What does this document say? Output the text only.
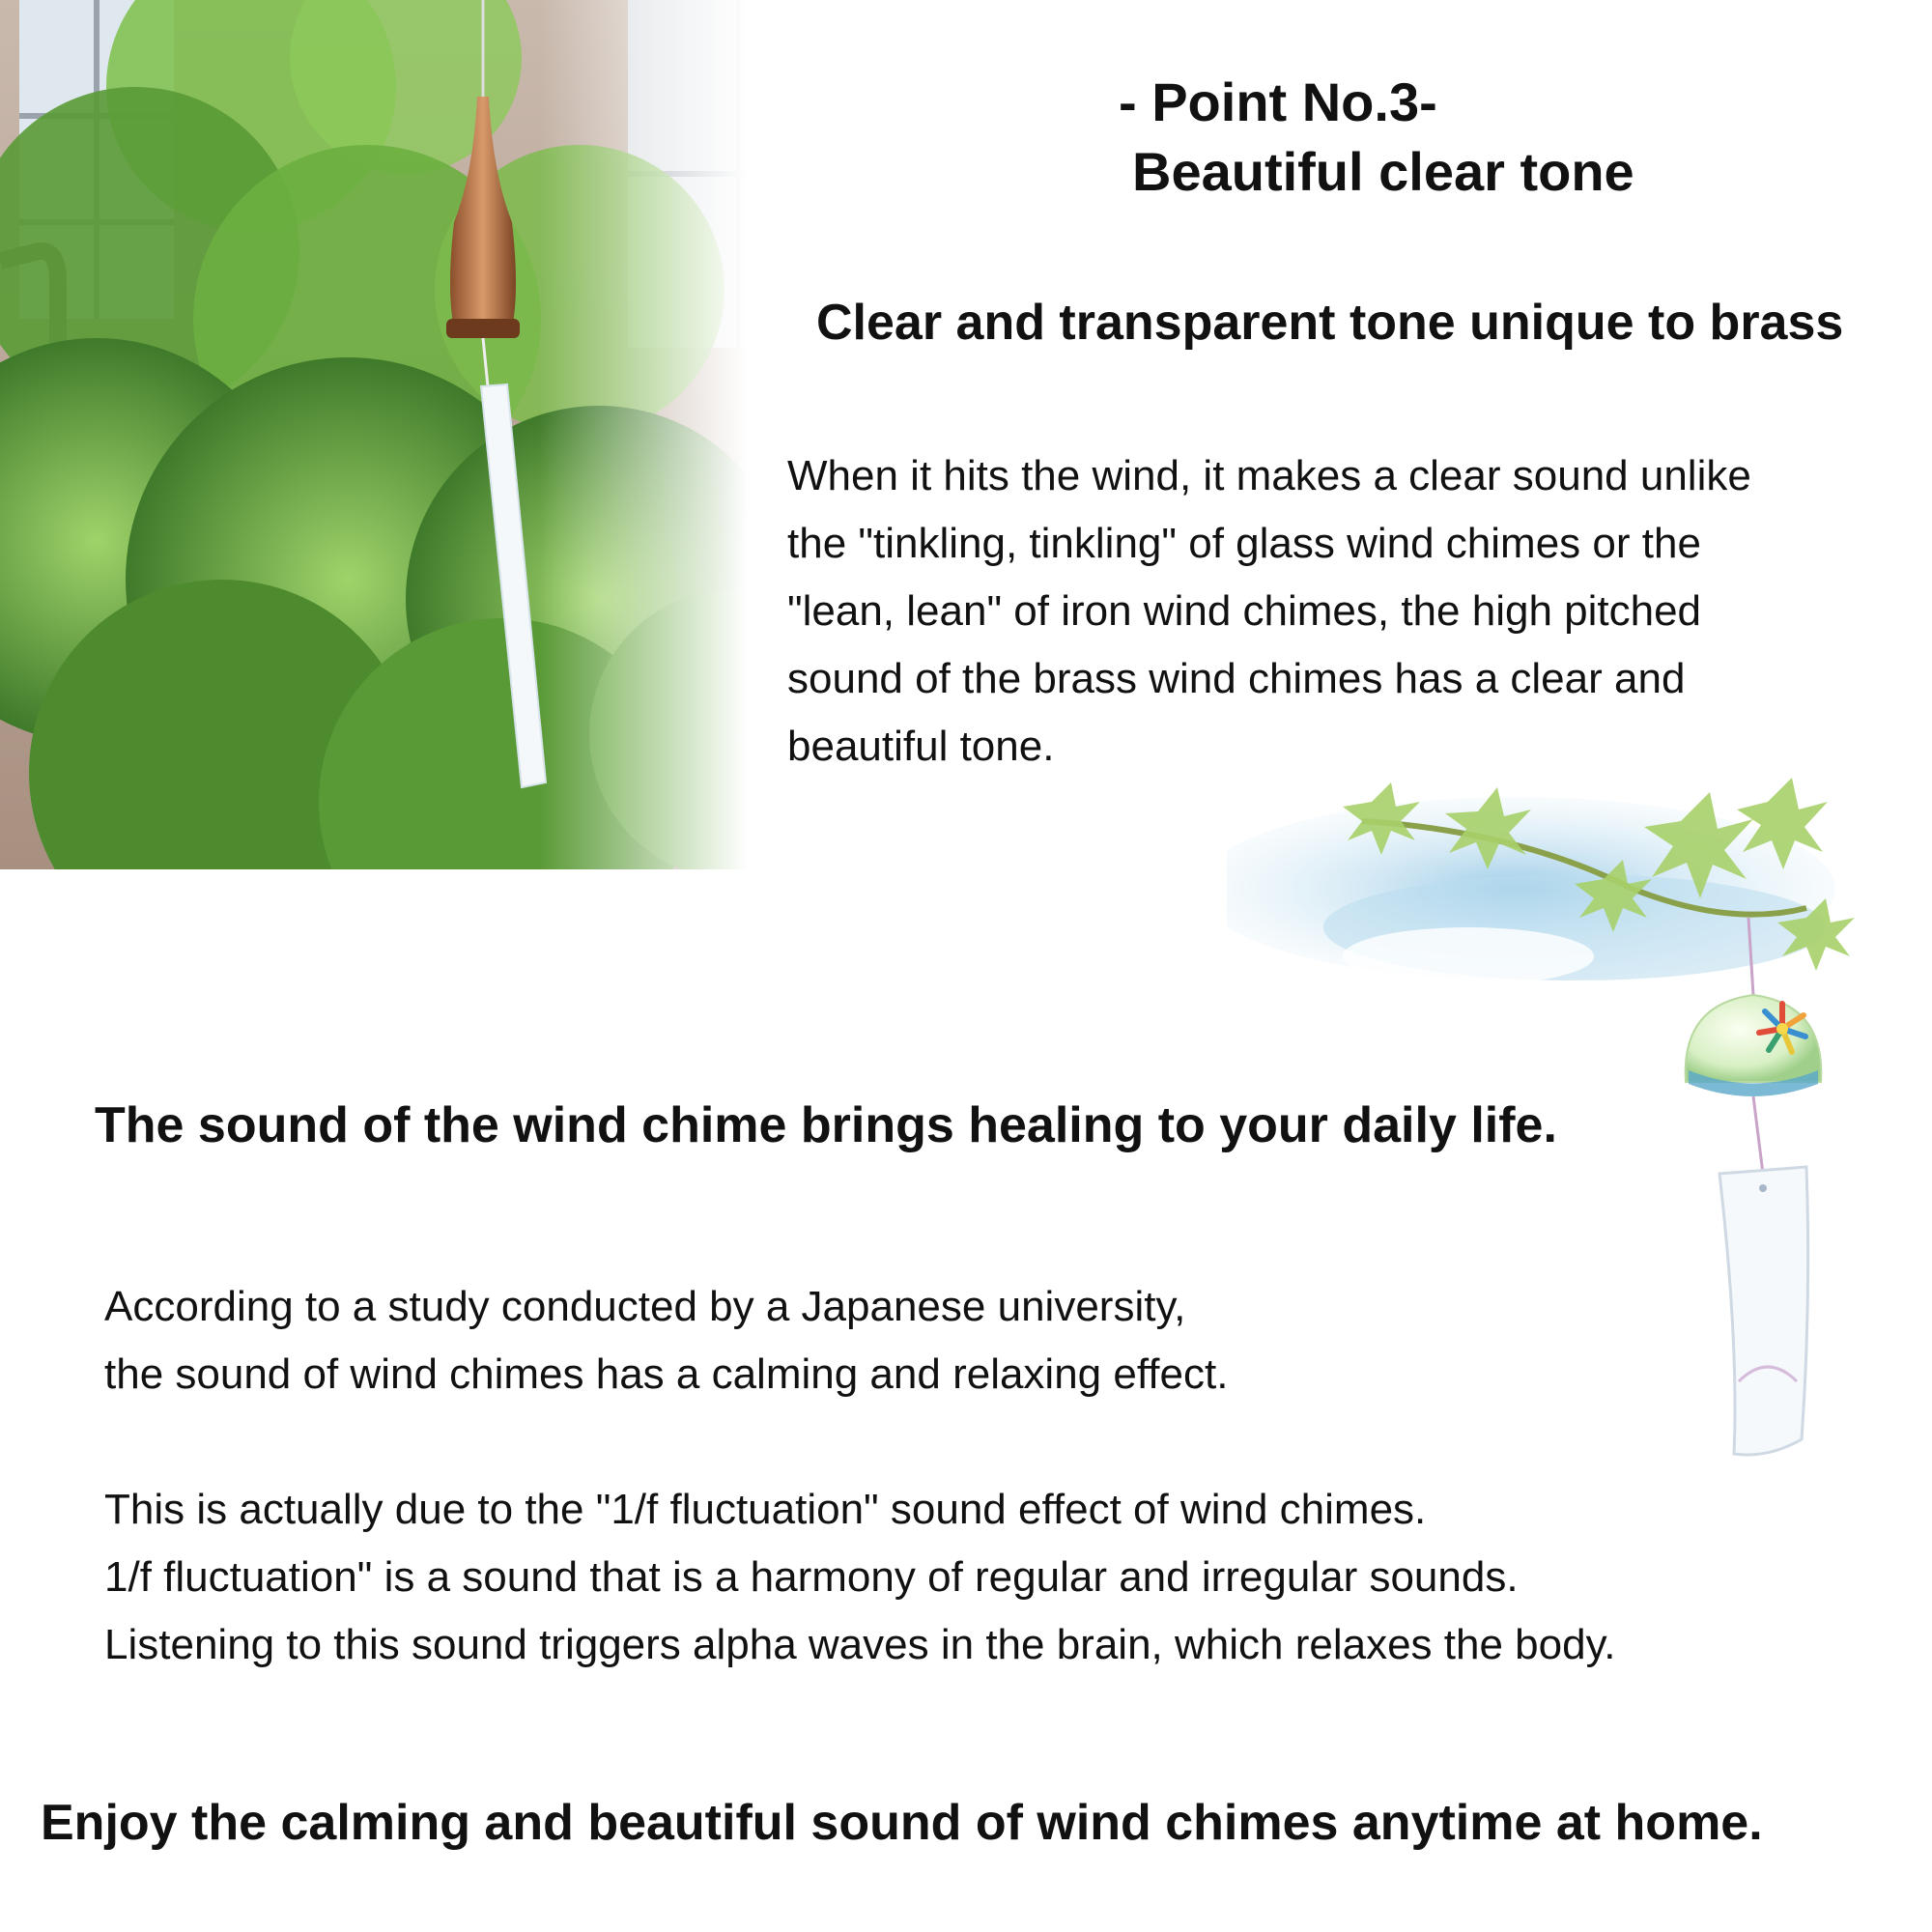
- Point No.3-
Beautiful clear tone
Clear and transparent tone unique to brass

When it hits the wind, it makes a clear sound unlike

the "tinkling, tinkling" of glass wind chimes or the

"lean, lean" of iron wind chimes, the high pitched

sound of the brass wind chimes has a clear and

beautiful tone.

The sound of the wind chime brings healing to your daily life.

According to a study conducted by a Japanese university,

the sound of wind chimes has a calming and relaxing effect.

This is actually due to the "1/f fluctuation" sound effect of wind chimes.

1/f fluctuation" is a sound that is a harmony of regular and irregular sounds.

Listening to this sound triggers alpha waves in the brain, which relaxes the body.

Enjoy the calming and beautiful sound of wind chimes anytime at home.
